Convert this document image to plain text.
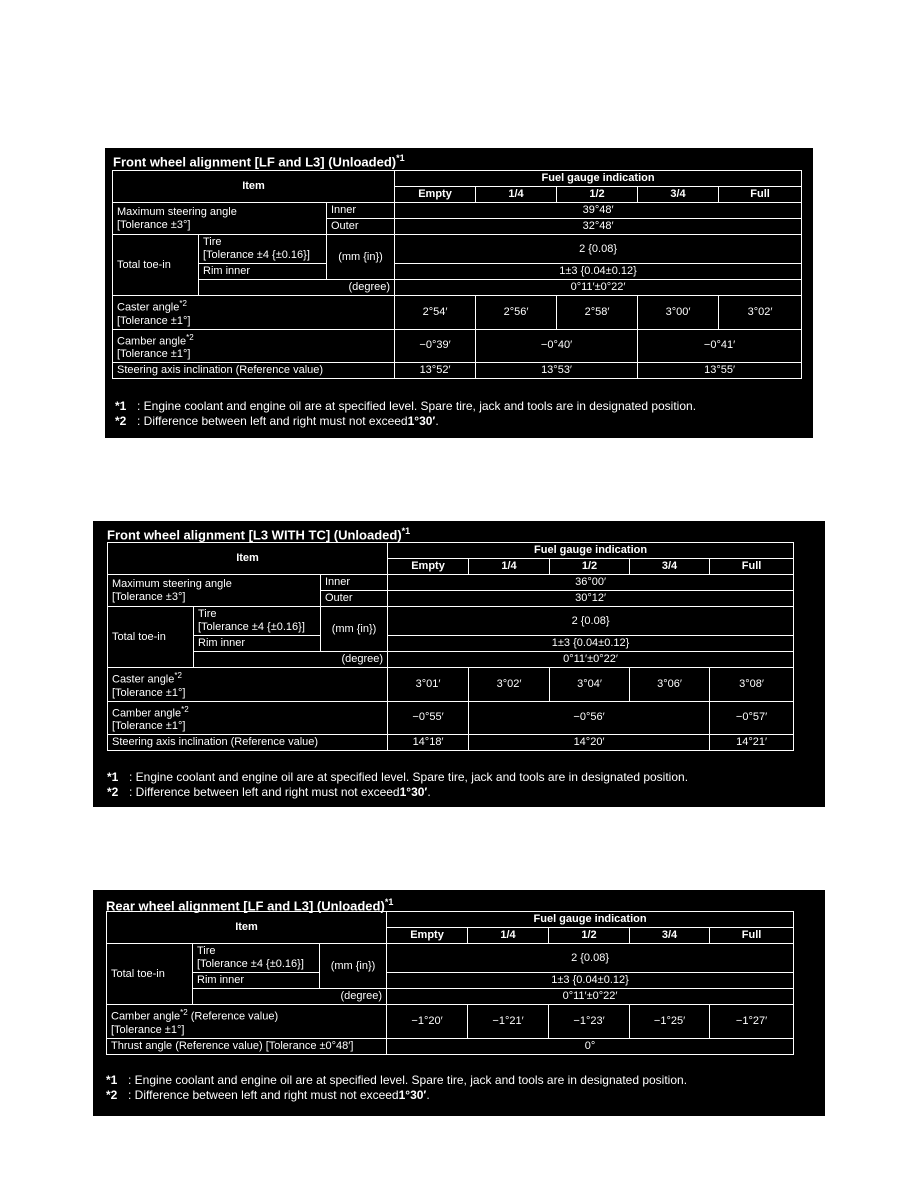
Front wheel alignment [LF and L3] (Unloaded)$^{*1}$
Item			Fuel gauge indication				
			Empty	1/4	1/2	3/4	Full
Maximum steering angle
[Tolerance ±3°]		Inner	39°48′				
		Outer	32°48′				
Total toe-in	Tire
[Tolerance ±4 {±0.16}]	(mm {in})	2 {0.08}				
	Rim inner		1±3 {0.04±0.12}				
	(degree)		0°11′±0°22′				
Caster angle$^{*2}$
[Tolerance ±1°]			2°54′	2°56′	2°58′	3°00′	3°02′
Camber angle$^{*2}$
[Tolerance ±1°]			−0°39′	−0°40′		−0°41′	
Steering axis inclination (Reference value)			13°52′	13°53′		13°55′	
*1 : Engine coolant and engine oil are at specified level. Spare tire, jack and tools are in designated position.
*2 : Difference between left and right must not exceed 1°30′ .
Front wheel alignment [L3 WITH TC] (Unloaded)$^{*1}$
Item			Fuel gauge indication				
			Empty	1/4	1/2	3/4	Full
Maximum steering angle
[Tolerance ±3°]		Inner	36°00′				
		Outer	30°12′				
Total toe-in	Tire
[Tolerance ±4 {±0.16}]	(mm {in})	2 {0.08}				
	Rim inner		1±3 {0.04±0.12}				
	(degree)		0°11′±0°22′				
Caster angle$^{*2}$
[Tolerance ±1°]			3°01′	3°02′	3°04′	3°06′	3°08′
Camber angle$^{*2}$
[Tolerance ±1°]			−0°55′	−0°56′			−0°57′
Steering axis inclination (Reference value)			14°18′	14°20′			14°21′
*1 : Engine coolant and engine oil are at specified level. Spare tire, jack and tools are in designated position.
*2 : Difference between left and right must not exceed 1°30′ .
Rear wheel alignment [LF and L3] (Unloaded)$^{*1}$
Item			Fuel gauge indication				
			Empty	1/4	1/2	3/4	Full
Total toe-in	Tire
[Tolerance ±4 {±0.16}]	(mm {in})	2 {0.08}				
	Rim inner		1±3 {0.04±0.12}				
	(degree)		0°11′±0°22′				
Camber angle$^{*2}$ (Reference value)
[Tolerance ±1°]			−1°20′	−1°21′	−1°23′	−1°25′	−1°27′
Thrust angle (Reference value) [Tolerance ±0°48′]			0°				
*1 : Engine coolant and engine oil are at specified level. Spare tire, jack and tools are in designated position.
*2 : Difference between left and right must not exceed 1°30′ .
